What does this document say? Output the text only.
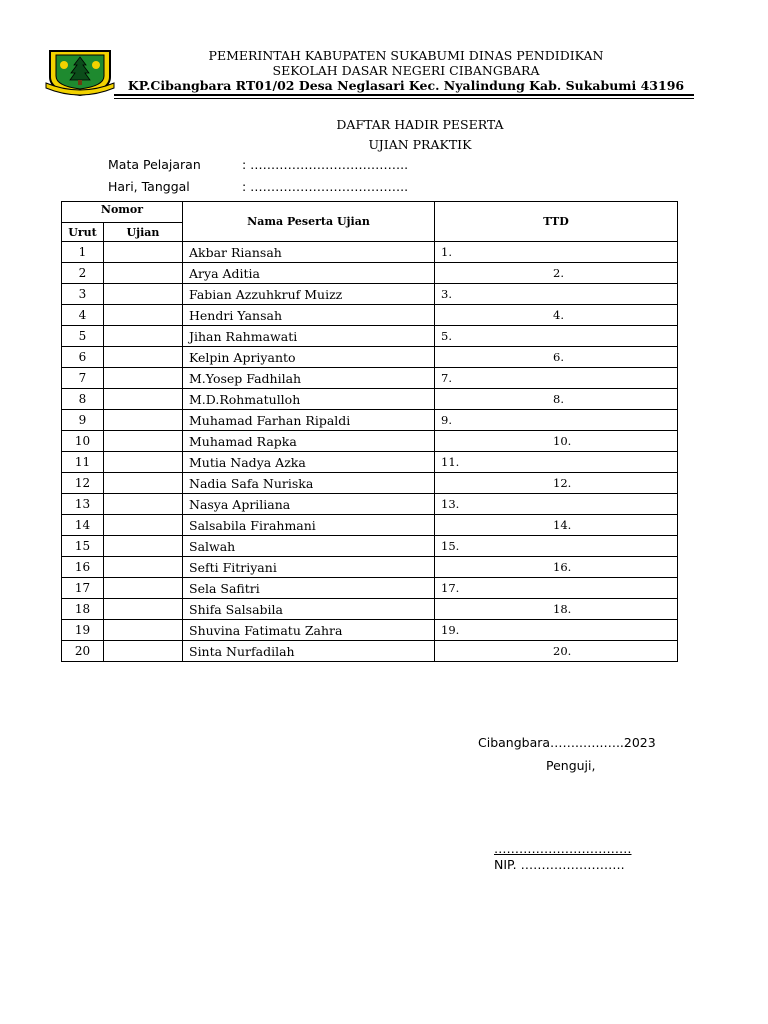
PEMERINTAH KABUPATEN SUKABUMI DINAS PENDIDIKAN
SEKOLAH DASAR NEGERI CIBANGBARA
KP.Cibangbara RT01/02 Desa Neglasari Kec. Nyalindung Kab. Sukabumi 43196
DAFTAR HADIR PESERTA
UJIAN PRAKTIK
Mata Pelajaran	: ………………………………..
Hari, Tanggal	: ………………………………..
Nomor		Nama Peserta Ujian	TTD
Urut	Ujian		
1		Akbar Riansah	1.
2		Arya Aditia	2.
3		Fabian Azzuhkruf Muizz	3.
4		Hendri Yansah	4.
5		Jihan Rahmawati	5.
6		Kelpin Apriyanto	6.
7		M.Yosep Fadhilah	7.
8		M.D.Rohmatulloh	8.
9		Muhamad Farhan Ripaldi	9.
10		Muhamad Rapka	10.
11		Mutia Nadya Azka	11.
12		Nadia Safa Nuriska	12.
13		Nasya Apriliana	13.
14		Salsabila Firahmani	14.
15		Salwah	15.
16		Sefti Fitriyani	16.
17		Sela Safitri	17.
18		Shifa Salsabila	18.
19		Shuvina Fatimatu Zahra	19.
20		Sinta Nurfadilah	20.
Cibangbara……..…..…..2023
Penguji,
……………………………
NIP. …………………….
